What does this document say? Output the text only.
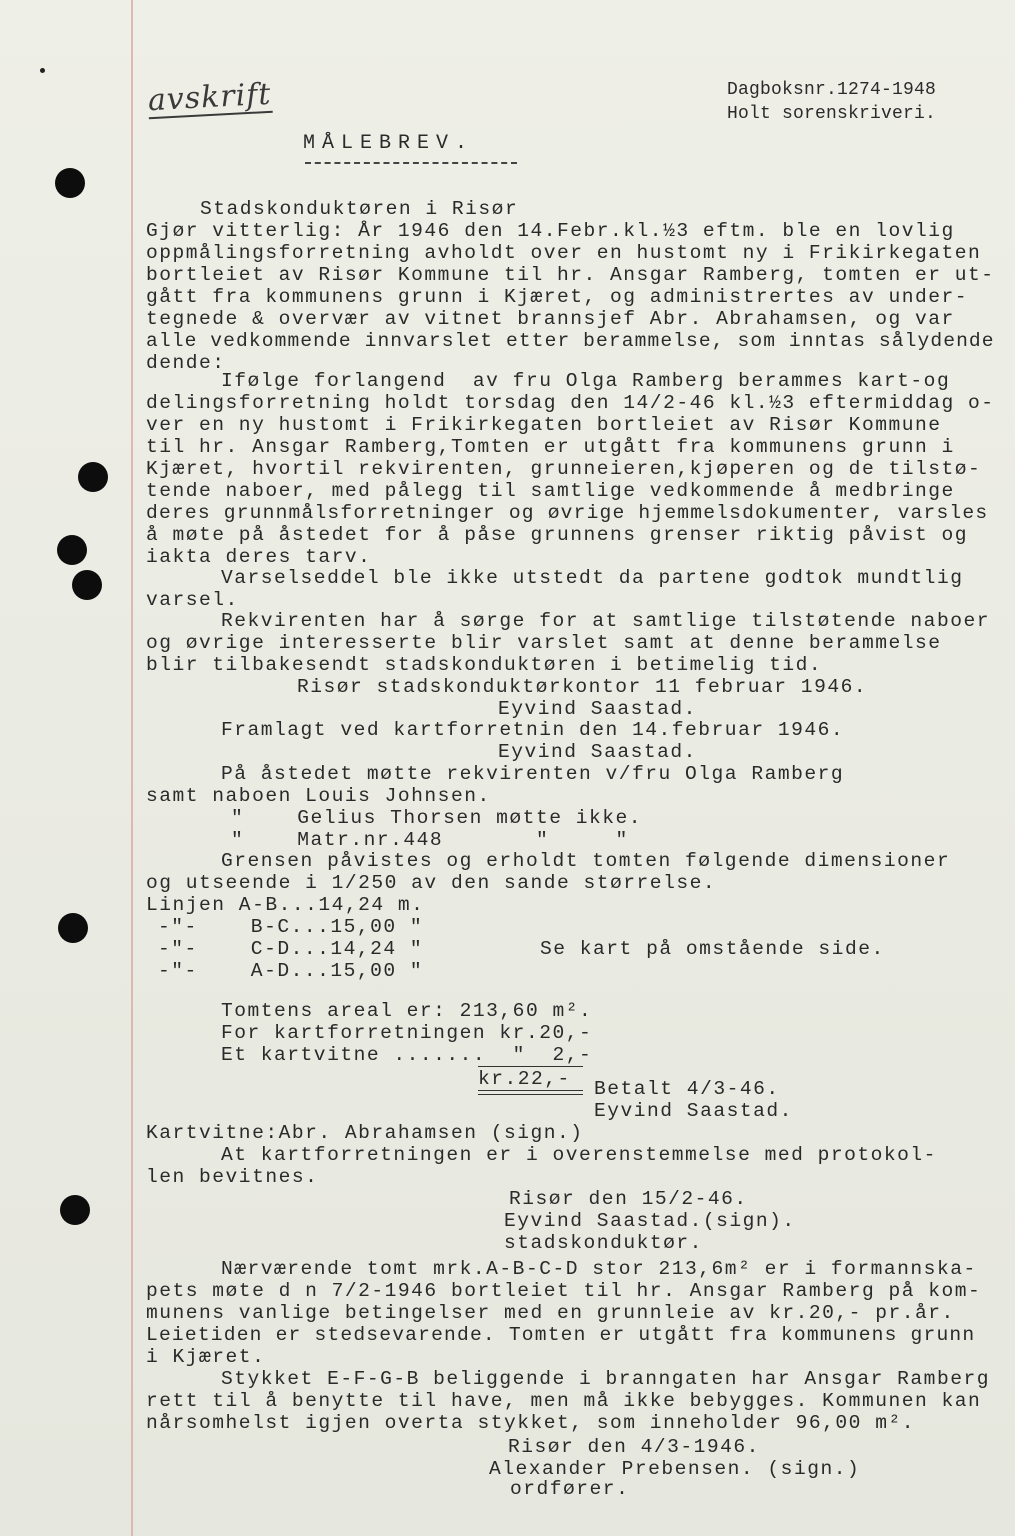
avskrift	Dagboksnr.1274-1948
Holt sorenskriveri.
MÅLEBREV.
Stadskonduktøren i Risør
Gjør vitterlig: År 1946 den 14.Febr.kl.½3 eftm. ble en lovlig
oppmålingsforretning avholdt over en hustomt ny i Frikirkegaten
bortleiet av Risør Kommune til hr. Ansgar Ramberg, tomten er ut-
gått fra kommunens grunn i Kjæret, og administrertes av under-
tegnede & overvær av vitnet brannsjef Abr. Abrahamsen, og var
alle vedkommende innvarslet etter berammelse, som inntas sålydende
dende:
Ifølge forlangend  av fru Olga Ramberg berammes kart-og
delingsforretning holdt torsdag den 14/2-46 kl.½3 eftermiddag o-
ver en ny hustomt i Frikirkegaten bortleiet av Risør Kommune
til hr. Ansgar Ramberg,Tomten er utgått fra kommunens grunn i
Kjæret, hvortil rekvirenten, grunneieren,kjøperen og de tilstø-
tende naboer, med pålegg til samtlige vedkommende å medbringe
deres grunnmålsforretninger og øvrige hjemmelsdokumenter, varsles
å møte på åstedet for å påse grunnens grenser riktig påvist og
iakta deres tarv.
Varselseddel ble ikke utstedt da partene godtok mundtlig
varsel.
Rekvirenten har å sørge for at samtlige tilstøtende naboer
og øvrige interesserte blir varslet samt at denne berammelse
blir tilbakesendt stadskonduktøren i betimelig tid.
Risør stadskonduktørkontor 11 februar 1946.
Eyvind Saastad.
Framlagt ved kartforretnin den 14.februar 1946.
Eyvind Saastad.
På åstedet møtte rekvirenten v/fru Olga Ramberg
samt naboen Louis Johnsen.
"    Gelius Thorsen møtte ikke.
"    Matr.nr.448       "     "
Grensen påvistes og erholdt tomten følgende dimensioner
og utseende i 1/250 av den sande størrelse.
Linjen A-B...14,24 m.
-"-    B-C...15,00 "
-"-    C-D...14,24 "	Se kart på omstående side.
-"-    A-D...15,00 "
Tomtens areal er: 213,60 m².
For kartforretningen kr.20,-
Et kartvitne .......  "  2,-
kr.22,- Betalt 4/3-46.
Eyvind Saastad.
Kartvitne:Abr. Abrahamsen (sign.)
At kartforretningen er i overenstemmelse med protokol-
len bevitnes.
Risør den 15/2-46.
Eyvind Saastad.(sign).
stadskonduktør.
Nærværende tomt mrk.A-B-C-D stor 213,6m² er i formannska-
pets møte d n 7/2-1946 bortleiet til hr. Ansgar Ramberg på kom-
munens vanlige betingelser med en grunnleie av kr.20,- pr.år.
Leietiden er stedsevarende. Tomten er utgått fra kommunens grunn
i Kjæret.
Stykket E-F-G-B beliggende i branngaten har Ansgar Ramberg
rett til å benytte til have, men må ikke bebygges. Kommunen kan
nårsomhelst igjen overta stykket, som inneholder 96,00 m².
Risør den 4/3-1946.
Alexander Prebensen. (sign.)
ordfører.
